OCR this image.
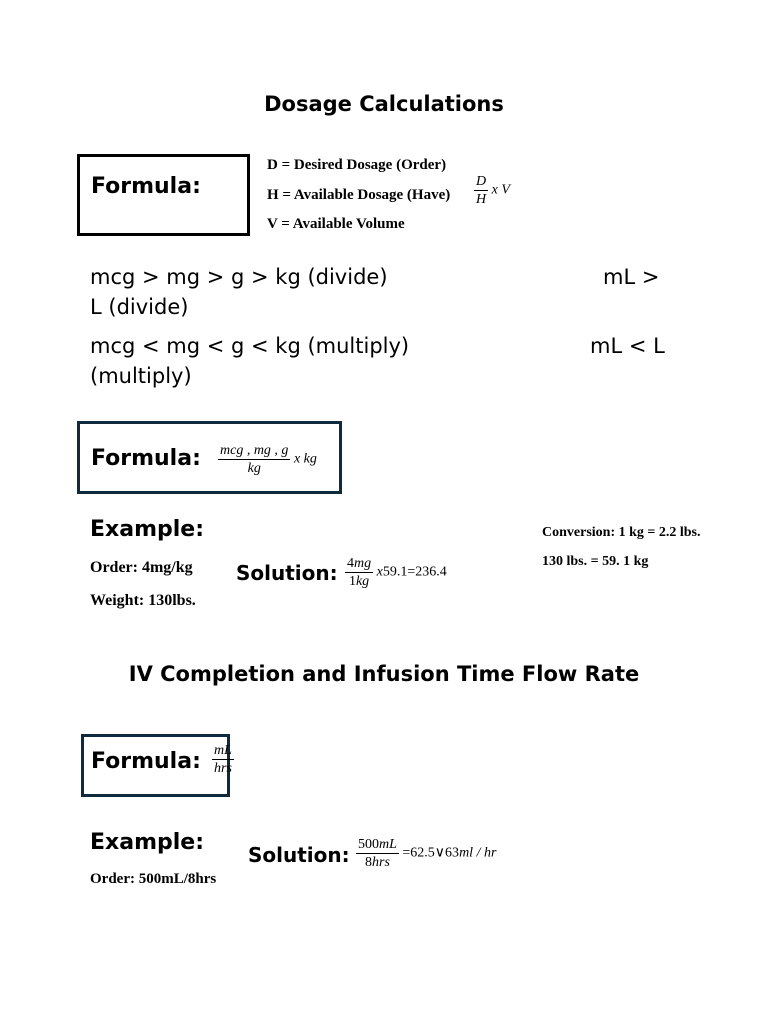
Dosage Calculations
Formula:
D = Desired Dosage (Order)
H = Available Dosage (Have)
V = Available Volume
$\frac{D}{H}$ x V
mcg > mg > g > kg (divide)	mL >
L (divide)
mcg < mg < g < kg (multiply)	mL < L
(multiply)
Formula: $\frac{\text{mcg , mg , g}}{kg}$ x kg
Example:
Order: 4mg/kg
Weight: 130lbs.
Solution: $\frac{4mg}{1kg} x59.1=236.4$
Conversion: 1 kg = 2.2 lbs.
130 lbs. = 59. 1 kg
IV Completion and Infusion Time Flow Rate
Formula: $\frac{mL}{\text{hrs}}$
Example:
Order: 500mL/8hrs
Solution: $\frac{500mL}{\text{8hrs}}$ =62.5∨63ml / hr
